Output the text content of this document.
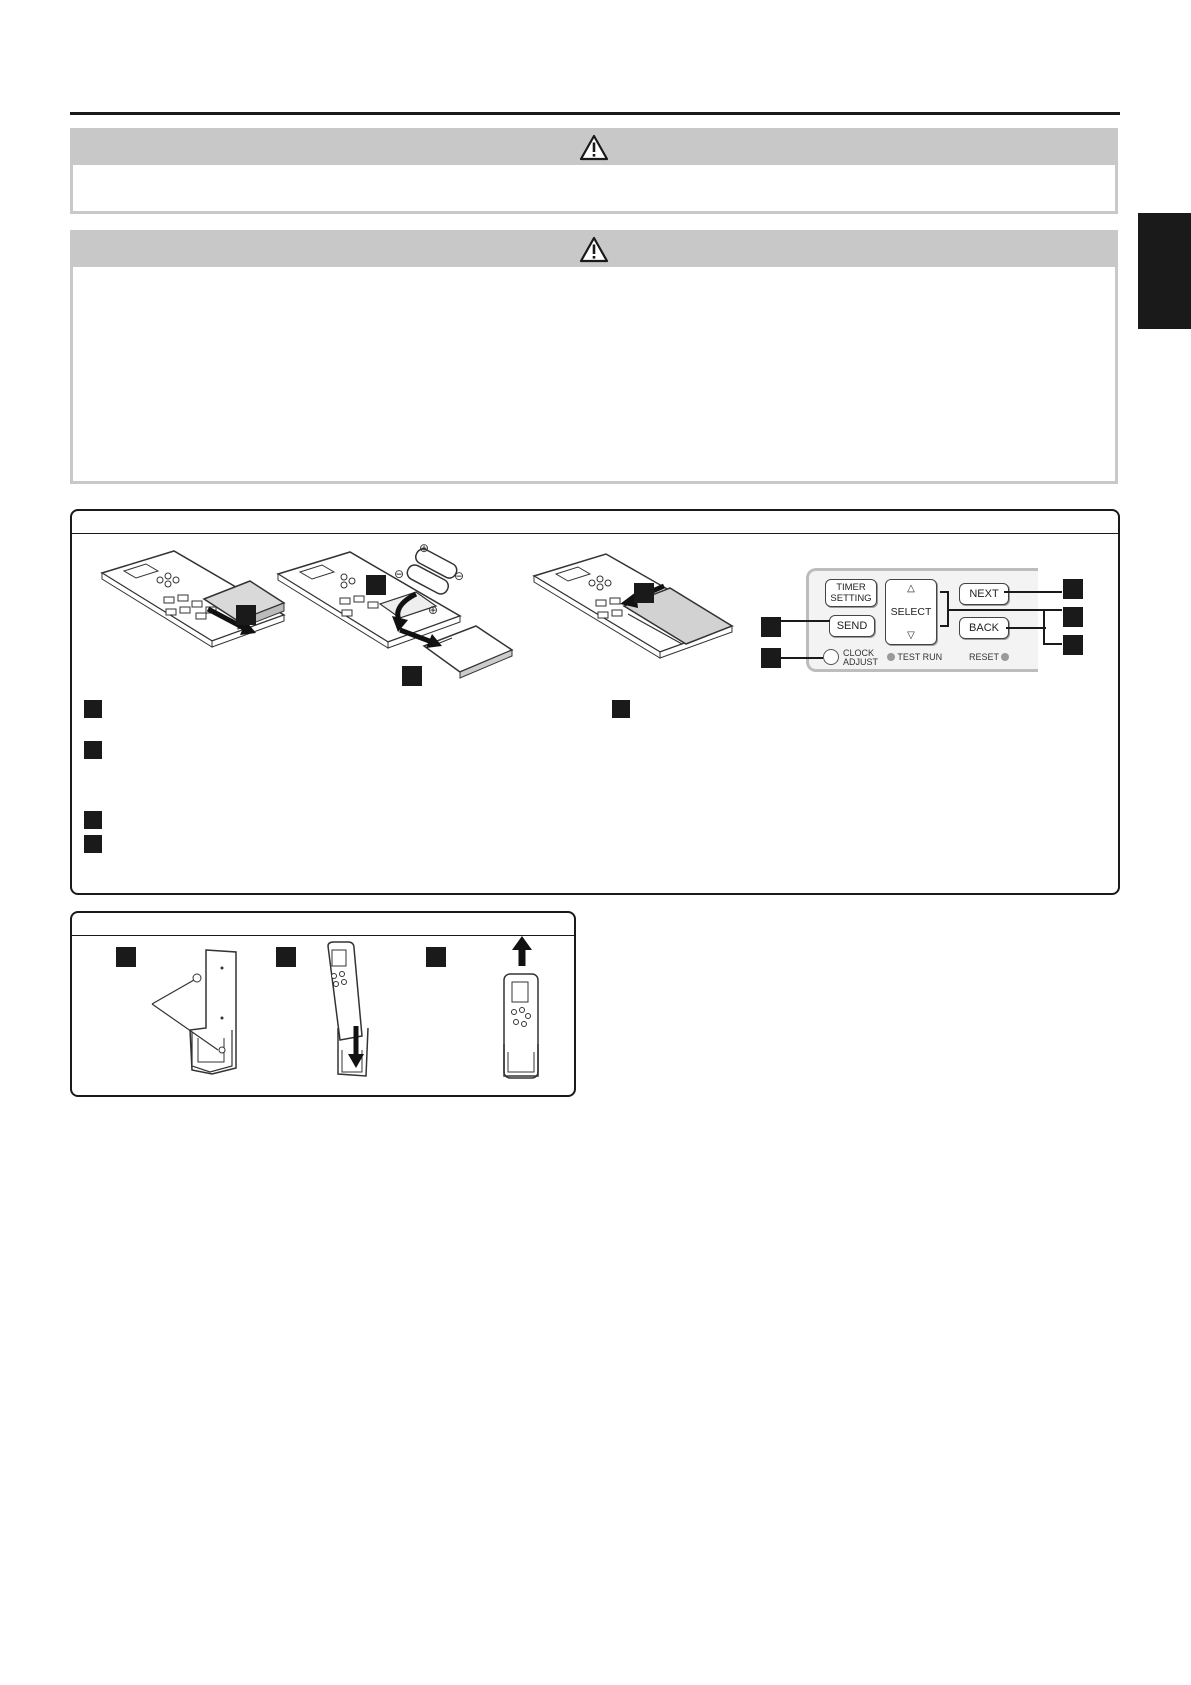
⊕
⊖	⊖
⊕
TIMER
SETTING
△
SELECT
▽
NEXT
SEND	BACK
CLOCK
ADJUST	TEST RUN	RESET
